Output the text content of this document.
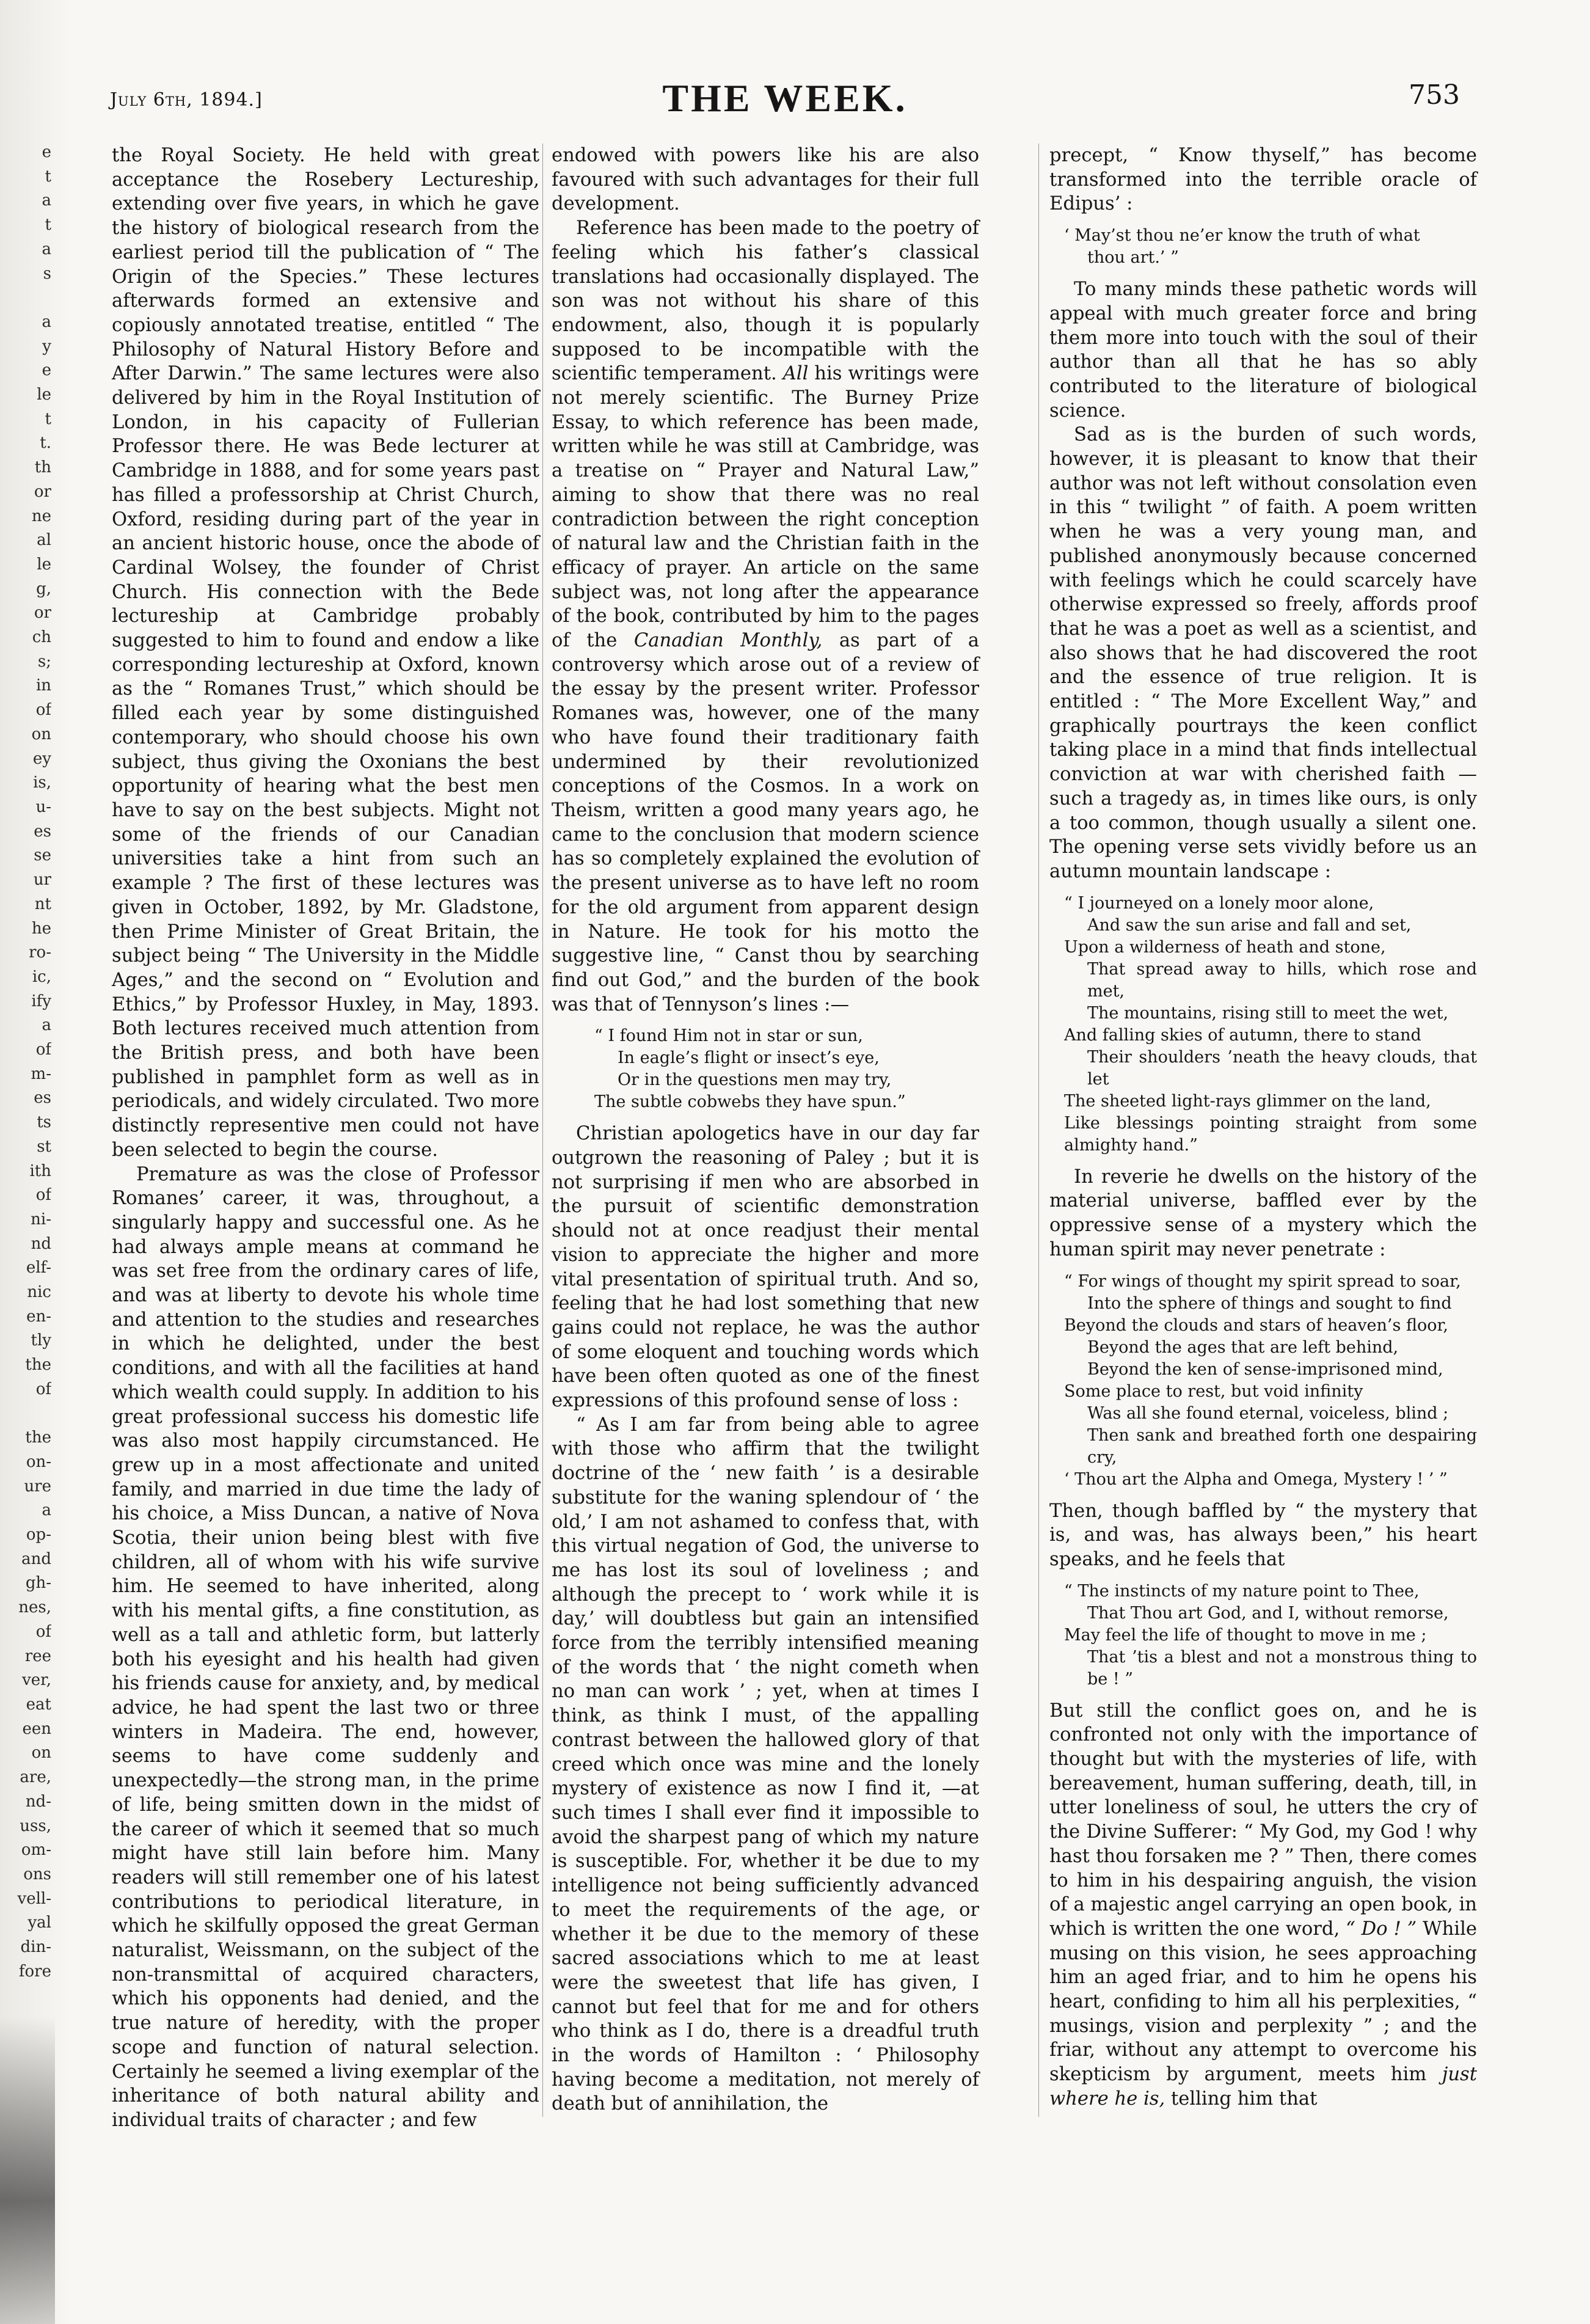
e
t
a
t
a
s

a
y
e
le
t
t.
th
or
ne
al
le
g,
or
ch
s;
in
of
on
ey
is,
u-
es
se
ur
nt
he
ro-
ic,
ify
a
of
m-
es
ts
st
ith
of
ni-
nd
elf-
nic
en-
tly
the
of

the
on-
ure
a
op-
and
gh-
nes,
of
ree
ver,
eat
een
on
are,
nd-
uss,
om-
ons
vell-
yal
din-
fore
July 6th, 1894.]	THE WEEK.	753

the Royal Society. He held with great acceptance the Rosebery Lectureship, extending over five years, in which he gave the history of biological research from the earliest period till the publication of “ The Origin of the Species.” These lectures afterwards formed an extensive and copiously annotated treatise, entitled “ The Philosophy of Natural History Before and After Darwin.” The same lectures were also delivered by him in the Royal Institution of London, in his capacity of Fullerian Professor there. He was Bede lecturer at Cambridge in 1888, and for some years past has filled a professorship at Christ Church, Oxford, residing during part of the year in an ancient historic house, once the abode of Cardinal Wolsey, the founder of Christ Church. His connection with the Bede lectureship at Cambridge probably suggested to him to found and endow a like corresponding lectureship at Oxford, known as the “ Romanes Trust,” which should be filled each year by some distinguished contemporary, who should choose his own subject, thus giving the Oxonians the best opportunity of hearing what the best men have to say on the best subjects. Might not some of the friends of our Canadian universities take a hint from such an example ? The first of these lectures was given in October, 1892, by Mr. Gladstone, then Prime Minister of Great Britain, the subject being “ The University in the Middle Ages,” and the second on “ Evolution and Ethics,” by Professor Huxley, in May, 1893. Both lectures received much attention from the British press, and both have been published in pamphlet form as well as in periodicals, and widely circulated. Two more distinctly representive men could not have been selected to begin the course.

Premature as was the close of Professor Romanes’ career, it was, throughout, a singularly happy and successful one. As he had always ample means at command he was set free from the ordinary cares of life, and was at liberty to devote his whole time and attention to the studies and researches in which he delighted, under the best conditions, and with all the facilities at hand which wealth could supply. In addition to his great professional success his domestic life was also most happily circumstanced. He grew up in a most affectionate and united family, and married in due time the lady of his choice, a Miss Duncan, a native of Nova Scotia, their union being blest with five children, all of whom with his wife survive him. He seemed to have inherited, along with his mental gifts, a fine constitution, as well as a tall and athletic form, but latterly both his eyesight and his health had given his friends cause for anxiety, and, by medical advice, he had spent the last two or three winters in Madeira. The end, however, seems to have come suddenly and unexpectedly—the strong man, in the prime of life, being smitten down in the midst of the career of which it seemed that so much might have still lain before him. Many readers will still remember one of his latest contributions to periodical literature, in which he skilfully opposed the great German naturalist, Weissmann, on the subject of the non-transmittal of acquired characters, which his opponents had denied, and the true nature of heredity, with the proper scope and function of natural selection. Certainly he seemed a living exemplar of the inheritance of both natural ability and individual traits of character ; and few

endowed with powers like his are also favoured with such advantages for their full development.

Reference has been made to the poetry of feeling which his father’s classical translations had occasionally displayed. The son was not without his share of this endowment, also, though it is popularly supposed to be incompatible with the scientific temperament. All his writings were not merely scientific. The Burney Prize Essay, to which reference has been made, written while he was still at Cambridge, was a treatise on “ Prayer and Natural Law,” aiming to show that there was no real contradiction between the right conception of natural law and the Christian faith in the efficacy of prayer. An article on the same subject was, not long after the appearance of the book, contributed by him to the pages of the Canadian Monthly, as part of a controversy which arose out of a review of the essay by the present writer. Professor Romanes was, however, one of the many who have found their traditionary faith undermined by their revolutionized conceptions of the Cosmos. In a work on Theism, written a good many years ago, he came to the conclusion that modern science has so completely explained the evolution of the present universe as to have left no room for the old argument from apparent design in Nature. He took for his motto the suggestive line, “ Canst thou by searching find out God,” and the burden of the book was that of Tennyson’s lines :—

“ I found Him not in star or sun,
In eagle’s flight or insect’s eye,
Or in the questions men may try,
The subtle cobwebs they have spun.”

Christian apologetics have in our day far outgrown the reasoning of Paley ; but it is not surprising if men who are absorbed in the pursuit of scientific demonstration should not at once readjust their mental vision to appreciate the higher and more vital presentation of spiritual truth. And so, feeling that he had lost something that new gains could not replace, he was the author of some eloquent and touching words which have been often quoted as one of the finest expressions of this profound sense of loss :

“ As I am far from being able to agree with those who affirm that the twilight doctrine of the ‘ new faith ’ is a desirable substitute for the waning splendour of ‘ the old,’ I am not ashamed to confess that, with this virtual negation of God, the universe to me has lost its soul of loveliness ; and although the precept to ‘ work while it is day,’ will doubtless but gain an intensified force from the terribly intensified meaning of the words that ‘ the night cometh when no man can work ’ ; yet, when at times I think, as think I must, of the appalling contrast between the hallowed glory of that creed which once was mine and the lonely mystery of existence as now I find it, —at such times I shall ever find it impossible to avoid the sharpest pang of which my nature is susceptible. For, whether it be due to my intelligence not being sufficiently advanced to meet the requirements of the age, or whether it be due to the memory of these sacred associations which to me at least were the sweetest that life has given, I cannot but feel that for me and for others who think as I do, there is a dreadful truth in the words of Hamilton : ‘ Philosophy having become a meditation, not merely of death but of annihilation, the

precept, “ Know thyself,” has become transformed into the terrible oracle of Edipus’ :

‘ May’st thou ne’er know the truth of what
thou art.’ ”

To many minds these pathetic words will appeal with much greater force and bring them more into touch with the soul of their author than all that he has so ably contributed to the literature of biological science.

Sad as is the burden of such words, however, it is pleasant to know that their author was not left without consolation even in this “ twilight ” of faith. A poem written when he was a very young man, and published anonymously because concerned with feelings which he could scarcely have otherwise expressed so freely, affords proof that he was a poet as well as a scientist, and also shows that he had discovered the root and the essence of true religion. It is entitled : “ The More Excellent Way,” and graphically pourtrays the keen conflict taking place in a mind that finds intellectual conviction at war with cherished faith —such a tragedy as, in times like ours, is only a too common, though usually a silent one. The opening verse sets vividly before us an autumn mountain landscape :

“ I journeyed on a lonely moor alone,
And saw the sun arise and fall and set,
Upon a wilderness of heath and stone,
That spread away to hills, which rose and met,
The mountains, rising still to meet the wet,
And falling skies of autumn, there to stand
Their shoulders ’neath the heavy clouds, that let
The sheeted light-rays glimmer on the land,
Like blessings pointing straight from some almighty hand.”

In reverie he dwells on the history of the material universe, baffled ever by the oppressive sense of a mystery which the human spirit may never penetrate :

“ For wings of thought my spirit spread to soar,
Into the sphere of things and sought to find
Beyond the clouds and stars of heaven’s floor,
Beyond the ages that are left behind,
Beyond the ken of sense-imprisoned mind,
Some place to rest, but void infinity
Was all she found eternal, voiceless, blind ;
Then sank and breathed forth one despairing cry,
‘ Thou art the Alpha and Omega, Mystery ! ’ ”

Then, though baffled by “ the mystery that is, and was, has always been,” his heart speaks, and he feels that

“ The instincts of my nature point to Thee,
That Thou art God, and I, without remorse,
May feel the life of thought to move in me ;
That ’tis a blest and not a monstrous thing to be ! ”

But still the conflict goes on, and he is confronted not only with the importance of thought but with the mysteries of life, with bereavement, human suffering, death, till, in utter loneliness of soul, he utters the cry of the Divine Sufferer: “ My God, my God ! why hast thou forsaken me ? ” Then, there comes to him in his despairing anguish, the vision of a majestic angel carrying an open book, in which is written the one word, “ Do ! ” While musing on this vision, he sees approaching him an aged friar, and to him he opens his heart, confiding to him all his perplexities, “ musings, vision and perplexity ” ; and the friar, without any attempt to overcome his skepticism by argument, meets him just where he is, telling him that
